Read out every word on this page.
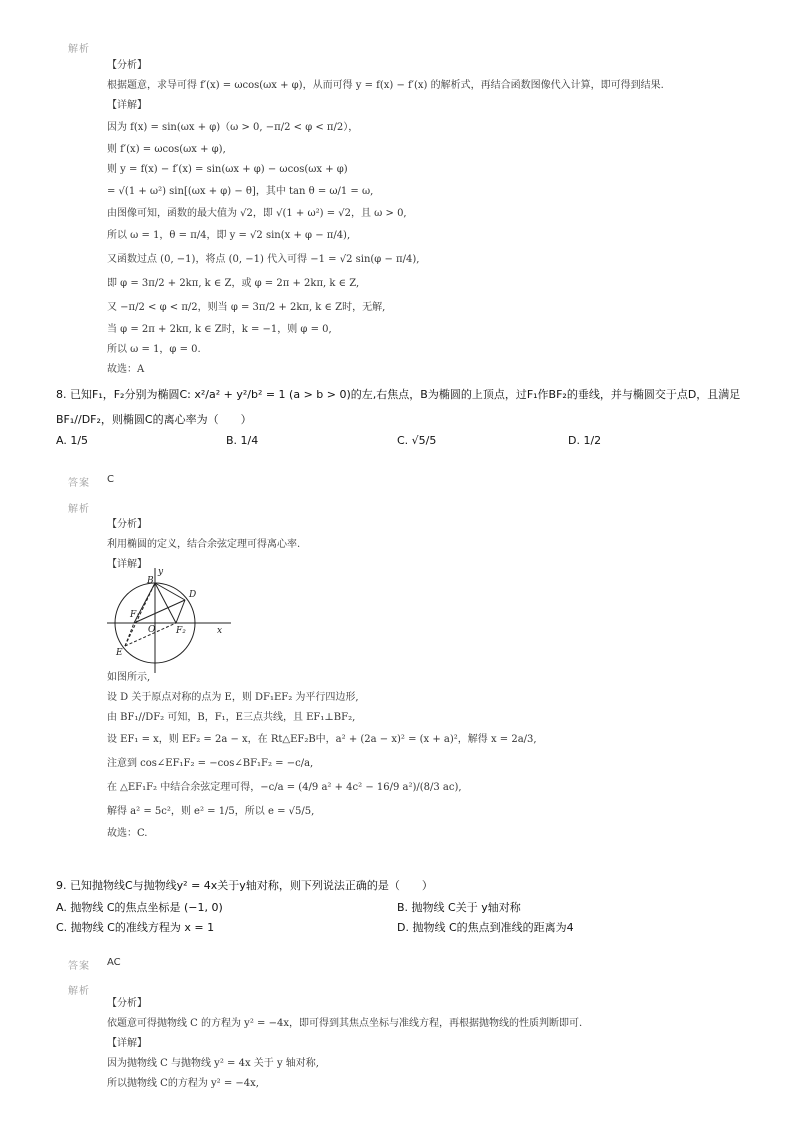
解析
【分析】
根据题意，求导可得 f′(x) = ωcos(ωx + φ)，从而可得 y = f(x) − f′(x) 的解析式，再结合函数图像代入计算，即可得到结果.
【详解】
因为 f(x) = sin(ωx + φ)（ω > 0, −π/2 < φ < π/2），
则 f′(x) = ωcos(ωx + φ),
则 y = f(x) − f′(x) = sin(ωx + φ) − ωcos(ωx + φ)
= √(1 + ω²) sin[(ωx + φ) − θ]，其中 tan θ = ω/1 = ω,
由图像可知，函数的最大值为 √2，即 √(1 + ω²) = √2，且 ω > 0,
所以 ω = 1，θ = π/4，即 y = √2 sin(x + φ − π/4),
又函数过点 (0, −1)，将点 (0, −1) 代入可得 −1 = √2 sin(φ − π/4),
即 φ = 3π/2 + 2kπ, k ∈ Z，或 φ = 2π + 2kπ, k ∈ Z,
又 −π/2 < φ < π/2，则当 φ = 3π/2 + 2kπ, k ∈ Z时，无解,
当 φ = 2π + 2kπ, k ∈ Z时，k = −1，则 φ = 0,
所以 ω = 1，φ = 0.
故选：A
8. 已知F₁，F₂分别为椭圆C: x²/a² + y²/b² = 1 (a > b > 0)的左,右焦点，B为椭圆的上顶点，过F₁作BF₂的垂线，并与椭圆交于点D，且满足
BF₁//DF₂，则椭圆C的离心率为（　　）
A. 1/5	B. 1/4	C. √5/5	D. 1/2
答案 C
解析
【分析】
利用椭圆的定义，结合余弦定理可得离心率.
【详解】
y
x
B
D
F₁
O F₂
E
如图所示,
设 D 关于原点对称的点为 E，则 DF₁EF₂ 为平行四边形,
由 BF₁//DF₂ 可知，B，F₁，E三点共线，且 EF₁⊥BF₂,
设 EF₁ = x，则 EF₂ = 2a − x，在 Rt△EF₂B中，a² + (2a − x)² = (x + a)²，解得 x = 2a/3,
注意到 cos∠EF₁F₂ = −cos∠BF₁F₂ = −c/a,
在 △EF₁F₂ 中结合余弦定理可得，−c/a = (4/9 a² + 4c² − 16/9 a²)/(8/3 ac),
解得 a² = 5c²，则 e² = 1/5，所以 e = √5/5,
故选：C.
9. 已知抛物线C与抛物线y² = 4x关于y轴对称，则下列说法正确的是（　　）
A. 抛物线 C的焦点坐标是 (−1, 0)	B. 抛物线 C关于 y轴对称
C. 抛物线 C的准线方程为 x = 1	D. 抛物线 C的焦点到准线的距离为4
答案 AC
解析
【分析】
依题意可得抛物线 C 的方程为 y² = −4x，即可得到其焦点坐标与准线方程，再根据抛物线的性质判断即可.
【详解】
因为抛物线 C 与抛物线 y² = 4x 关于 y 轴对称,
所以抛物线 C的方程为 y² = −4x,
